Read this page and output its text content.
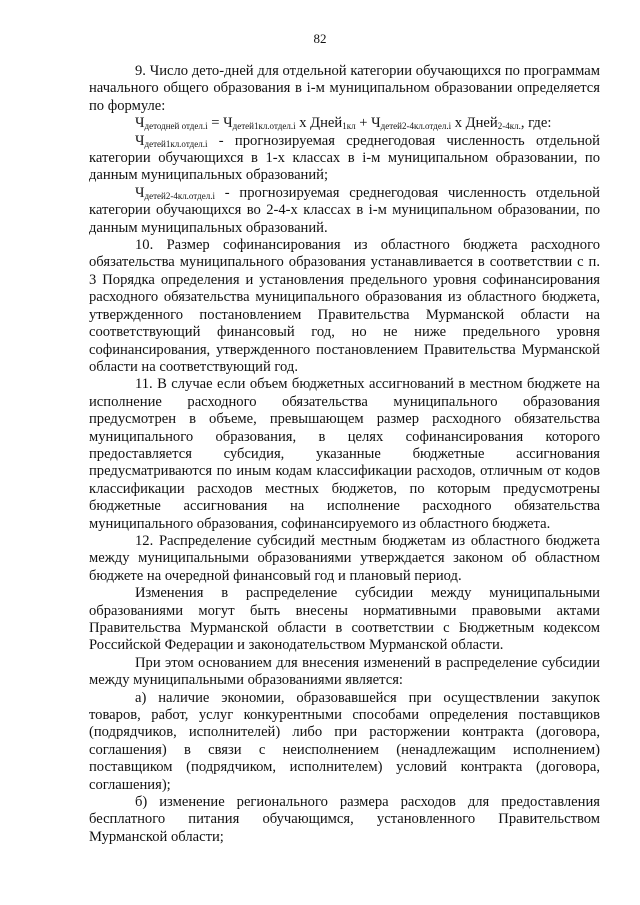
82

9. Число дето-дней для отдельной категории обучающихся по программам начального общего образования в i-м муниципальном образовании определяется по формуле:

$Ч_{детодней отдел.i} = Ч_{детей1кл.отдел.i}$ х Дней$_{1кл}$ + $Ч_{детей2-4кл.отдел.i}$ х Дней$_{2-4кл.}$, где:

$Ч_{детей1кл.отдел.i}$ - прогнозируемая среднегодовая численность отдельной категории обучающихся в 1-х классах в i-м муниципальном образовании, по данным муниципальных образований;

$Ч_{детей2-4кл.отдел.i}$ - прогнозируемая среднегодовая численность отдельной категории обучающихся во 2-4-х классах в i-м муниципальном образовании, по данным муниципальных образований.

10. Размер софинансирования из областного бюджета расходного обязательства муниципального образования устанавливается в соответствии с п. 3 Порядка определения и установления предельного уровня софинансирования расходного обязательства муниципального образования из областного бюджета, утвержденного постановлением Правительства Мурманской области на соответствующий финансовый год, но не ниже предельного уровня софинансирования, утвержденного постановлением Правительства Мурманской области на соответствующий год.

11. В случае если объем бюджетных ассигнований в местном бюджете на исполнение расходного обязательства муниципального образования предусмотрен в объеме, превышающем размер расходного обязательства муниципального образования, в целях софинансирования которого предоставляется субсидия, указанные бюджетные ассигнования предусматриваются по иным кодам классификации расходов, отличным от кодов классификации расходов местных бюджетов, по которым предусмотрены бюджетные ассигнования на исполнение расходного обязательства муниципального образования, софинансируемого из областного бюджета.

12. Распределение субсидий местным бюджетам из областного бюджета между муниципальными образованиями утверждается законом об областном бюджете на очередной финансовый год и плановый период.

Изменения в распределение субсидии между муниципальными образованиями могут быть внесены нормативными правовыми актами Правительства Мурманской области в соответствии с Бюджетным кодексом Российской Федерации и законодательством Мурманской области.

При этом основанием для внесения изменений в распределение субсидии между муниципальными образованиями является:

а) наличие экономии, образовавшейся при осуществлении закупок товаров, работ, услуг конкурентными способами определения поставщиков (подрядчиков, исполнителей) либо при расторжении контракта (договора, соглашения) в связи с неисполнением (ненадлежащим исполнением) поставщиком (подрядчиком, исполнителем) условий контракта (договора, соглашения);

б) изменение регионального размера расходов для предоставления бесплатного питания обучающимся, установленного Правительством Мурманской области;
